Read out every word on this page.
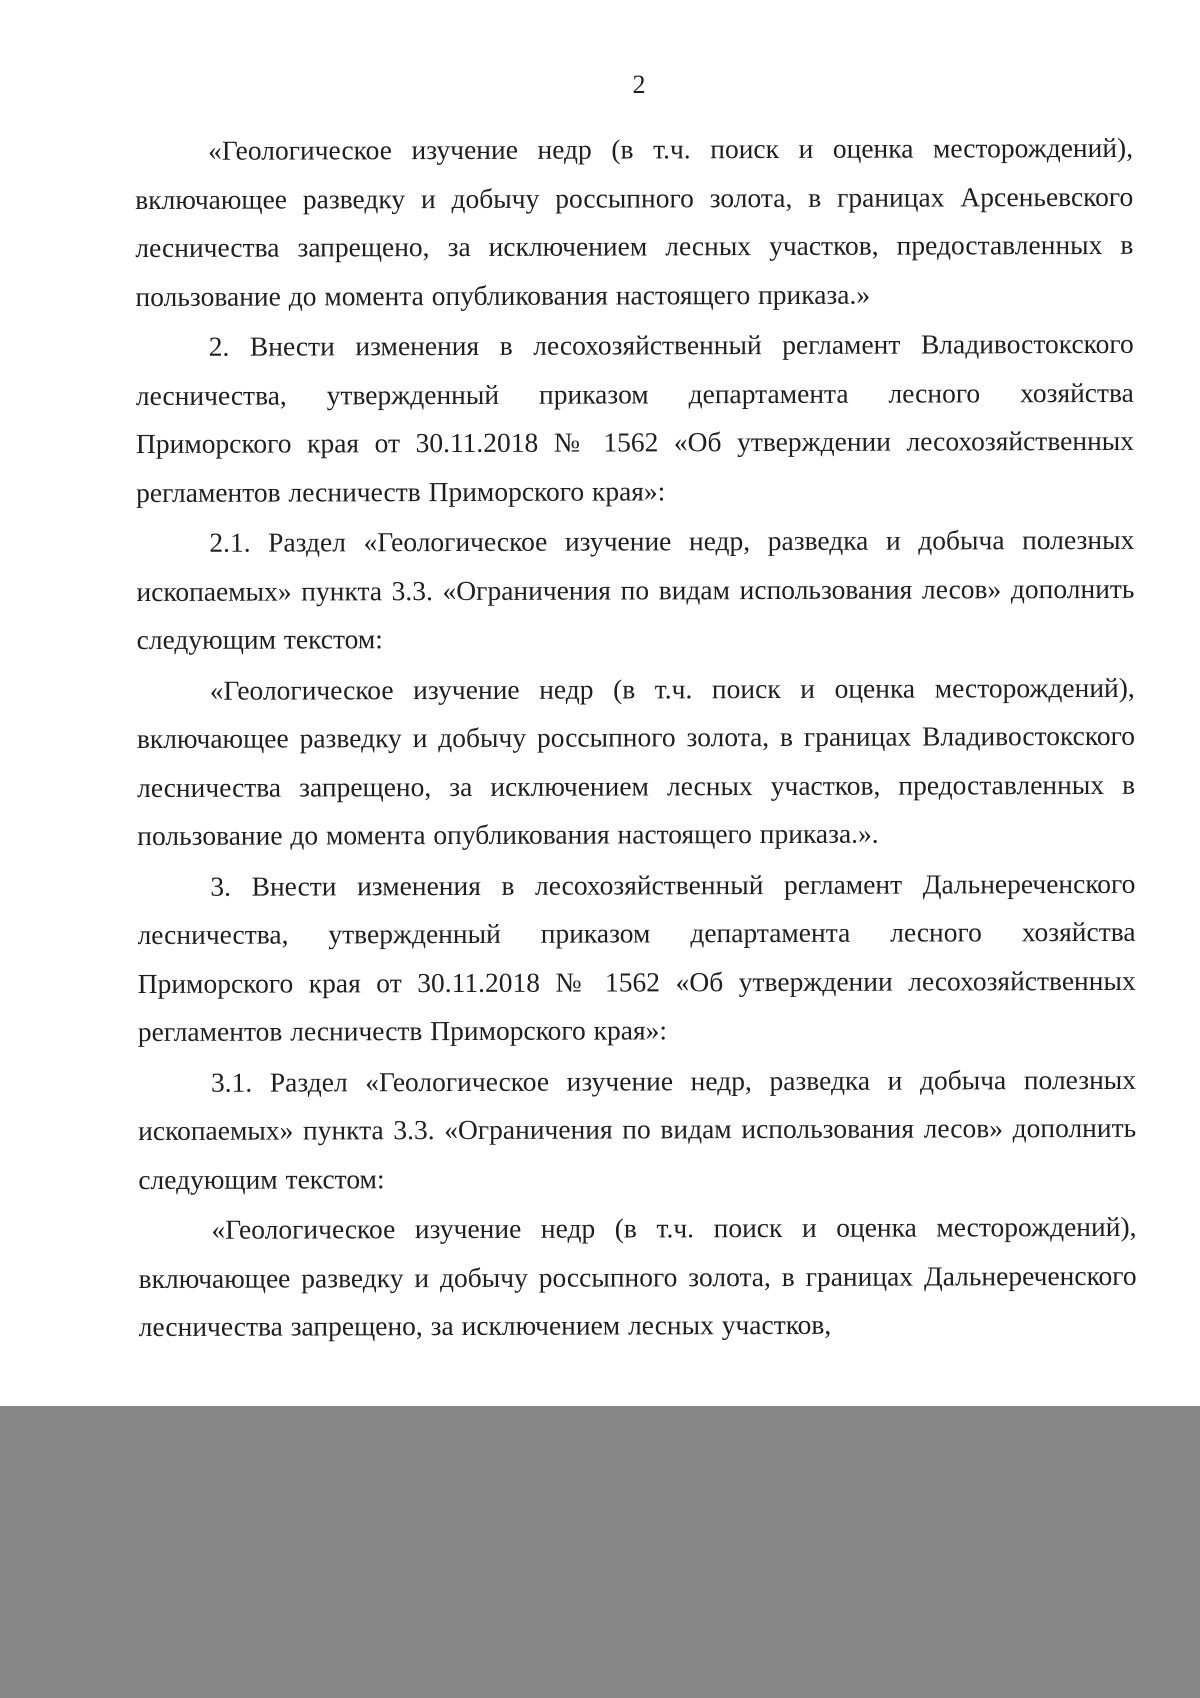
2

«Геологическое изучение недр (в т.ч. поиск и оценка месторождений), включающее разведку и добычу россыпного золота, в границах Арсеньевского лесничества запрещено, за исключением лесных участков, предоставленных в пользование до момента опубликования настоящего приказа.»

2. Внести изменения в лесохозяйственный регламент Владивостокского лесничества, утвержденный приказом департамента лесного хозяйства Приморского края от 30.11.2018 № 1562 «Об утверждении лесохозяйственных регламентов лесничеств Приморского края»:

2.1. Раздел «Геологическое изучение недр, разведка и добыча полезных ископаемых» пункта 3.3. «Ограничения по видам использования лесов» дополнить следующим текстом:

«Геологическое изучение недр (в т.ч. поиск и оценка месторождений), включающее разведку и добычу россыпного золота, в границах Владивостокского лесничества запрещено, за исключением лесных участков, предоставленных в пользование до момента опубликования настоящего приказа.».

3. Внести изменения в лесохозяйственный регламент Дальнереченского лесничества, утвержденный приказом департамента лесного хозяйства Приморского края от 30.11.2018 № 1562 «Об утверждении лесохозяйственных регламентов лесничеств Приморского края»:

3.1. Раздел «Геологическое изучение недр, разведка и добыча полезных ископаемых» пункта 3.3. «Ограничения по видам использования лесов» дополнить следующим текстом:

«Геологическое изучение недр (в т.ч. поиск и оценка месторождений), включающее разведку и добычу россыпного золота, в границах Дальнереченского лесничества запрещено, за исключением лесных участков,
